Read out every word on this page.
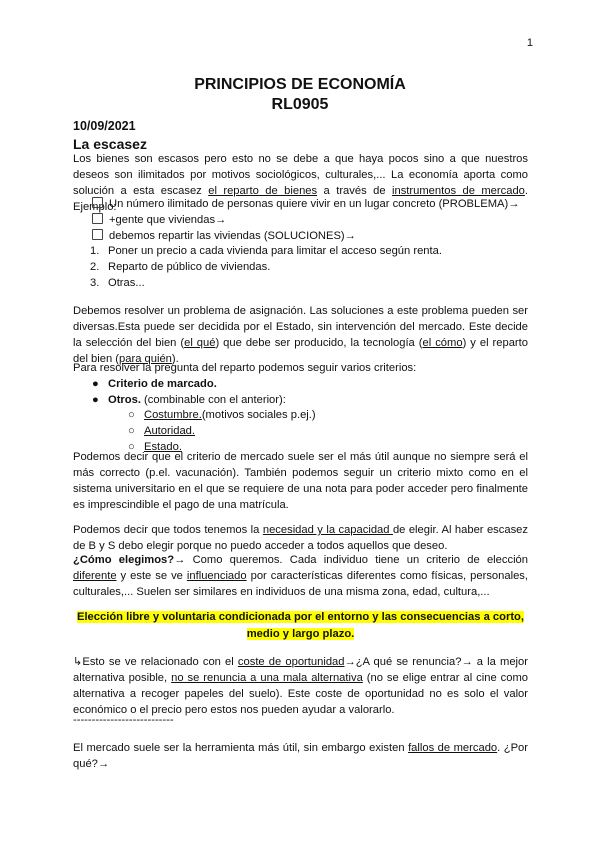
1
PRINCIPIOS DE ECONOMÍA
RL0905
10/09/2021
La escasez
Los bienes son escasos pero esto no se debe a que haya pocos sino a que nuestros deseos son ilimitados por motivos sociológicos, culturales,... La economía aporta como solución a esta escasez el reparto de bienes a través de instrumentos de mercado. Ejemplo:
Un número ilimitado de personas quiere vivir en un lugar concreto (PROBLEMA)→
+gente que viviendas→
debemos repartir las viviendas (SOLUCIONES)→
1. Poner un precio a cada vivienda para limitar el acceso según renta.
2. Reparto de público de viviendas.
3. Otras...
Debemos resolver un problema de asignación. Las soluciones a este problema pueden ser diversas.Esta puede ser decidida por el Estado, sin intervención del mercado. Este decide la selección del bien (el qué) que debe ser producido, la tecnología (el cómo) y el reparto del bien (para quién).
Para resolver la pregunta del reparto podemos seguir varios criterios:
● Criterio de marcado.
● Otros. (combinable con el anterior):
○ Costumbre.(motivos sociales p.ej.)
○ Autoridad.
○ Estado.
Podemos decir que el criterio de mercado suele ser el más útil aunque no siempre será el más correcto (p.el. vacunación). También podemos seguir un criterio mixto como en el sistema universitario en el que se requiere de una nota para poder acceder pero finalmente es imprescindible el pago de una matrícula.
Podemos decir que todos tenemos la necesidad y la capacidad de elegir. Al haber escasez de B y S debo elegir porque no puedo acceder a todos aquellos que deseo.
¿Cómo elegimos?→ Como queremos. Cada individuo tiene un criterio de elección diferente y este se ve influenciado por características diferentes como físicas, personales, culturales,... Suelen ser similares en individuos de una misma zona, edad, cultura,...
Elección libre y voluntaria condicionada por el entorno y las consecuencias a corto, medio y largo plazo.
↳Esto se ve relacionado con el coste de oportunidad→¿A qué se renuncia?→ a la mejor alternativa posible, no se renuncia a una mala alternativa (no se elige entrar al cine como alternativa a recoger papeles del suelo). Este coste de oportunidad no es solo el valor económico o el precio pero estos nos pueden ayudar a valorarlo.
---------------------------
El mercado suele ser la herramienta más útil, sin embargo existen fallos de mercado. ¿Por qué?→
